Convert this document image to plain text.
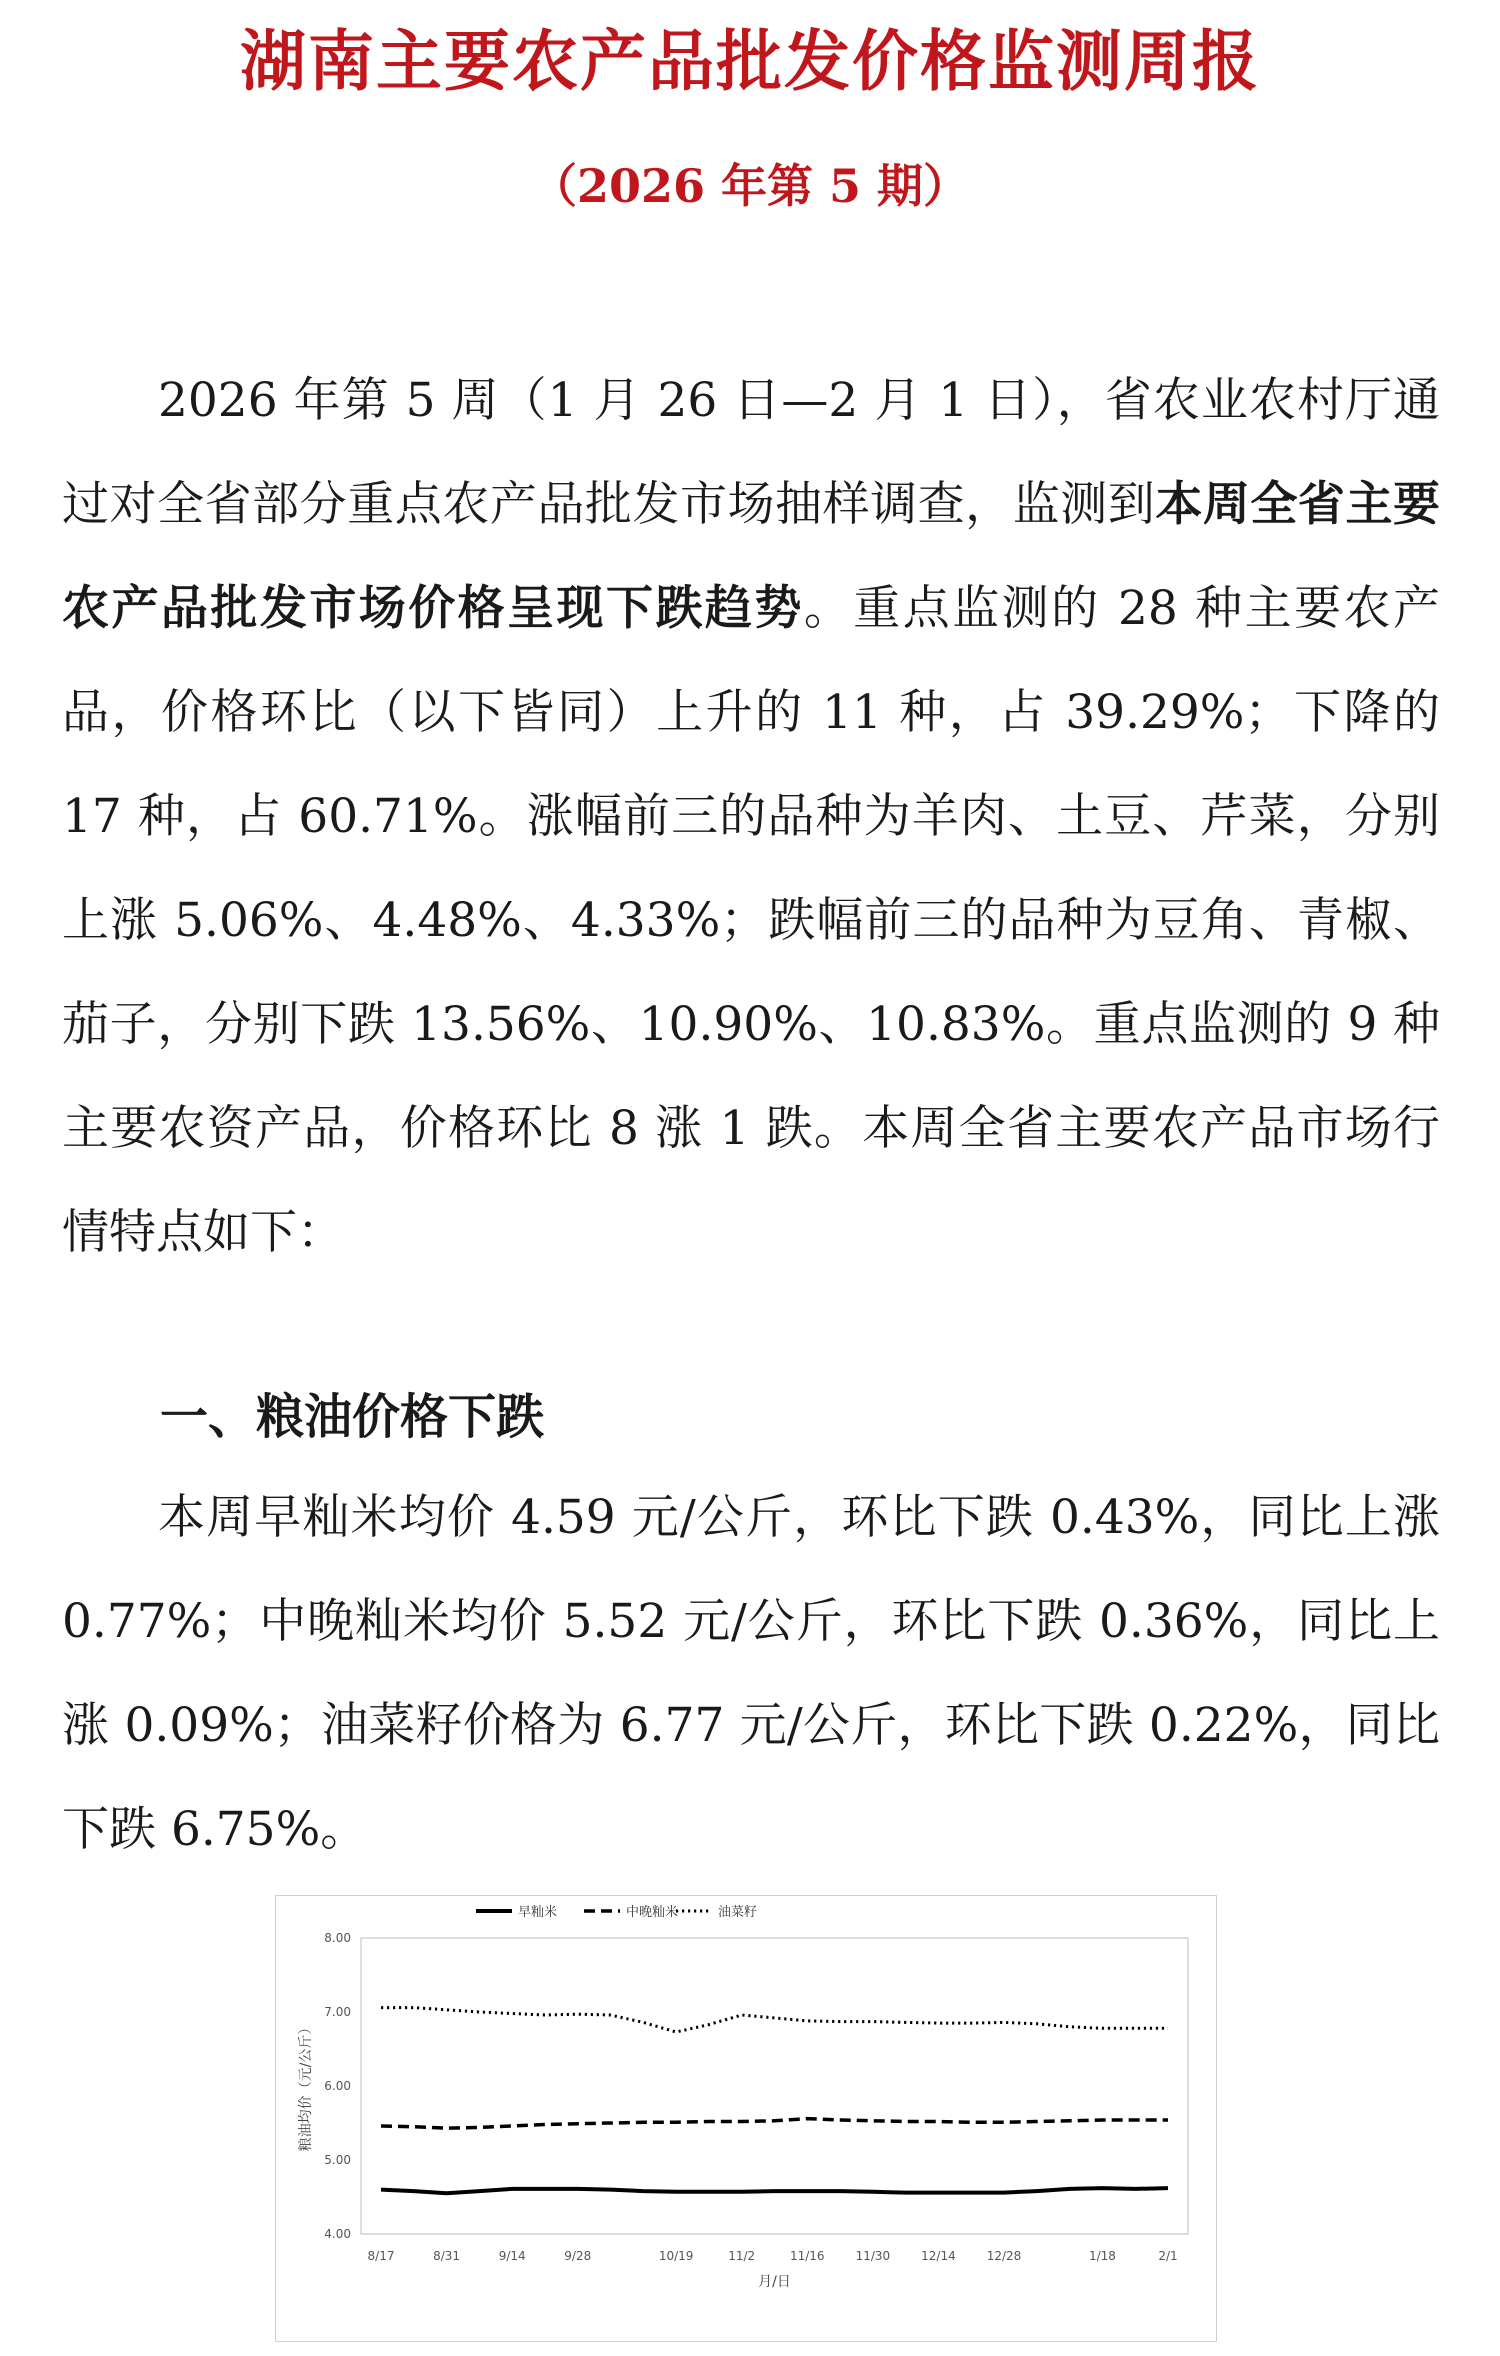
湖南主要农产品批发价格监测周报
（2026 年第 5 期）

2026 年第 5 周（1 月 26 日—2 月 1 日），省农业农村厅通过对全省部分重点农产品批发市场抽样调查，监测到本周全省主要农产品批发市场价格呈现下跌趋势。重点监测的 28 种主要农产品，价格环比（以下皆同）上升的 11 种，占 39.29%；下降的 17 种，占 60.71%。涨幅前三的品种为羊肉、土豆、芹菜，分别上涨 5.06%、4.48%、4.33%；跌幅前三的品种为豆角、青椒、茄子，分别下跌 13.56%、10.90%、10.83%。重点监测的 9 种主要农资产品，价格环比 8 涨 1 跌。本周全省主要农产品市场行情特点如下：

一、粮油价格下跌

本周早籼米均价 4.59 元/公斤，环比下跌 0.43%，同比上涨 0.77%；中晚籼米均价 5.52 元/公斤，环比下跌 0.36%，同比上涨 0.09%；油菜籽价格为 6.77 元/公斤，环比下跌 0.22%，同比下跌 6.75%。

4.00
5.00
6.00
7.00
8.00
8/17	8/31	9/14	9/28	10/19	11/2	11/16	11/30	12/14	12/28	1/18	2/1
月/日
粮油均价（元/公斤）
早籼米	中晚籼米	油菜籽
